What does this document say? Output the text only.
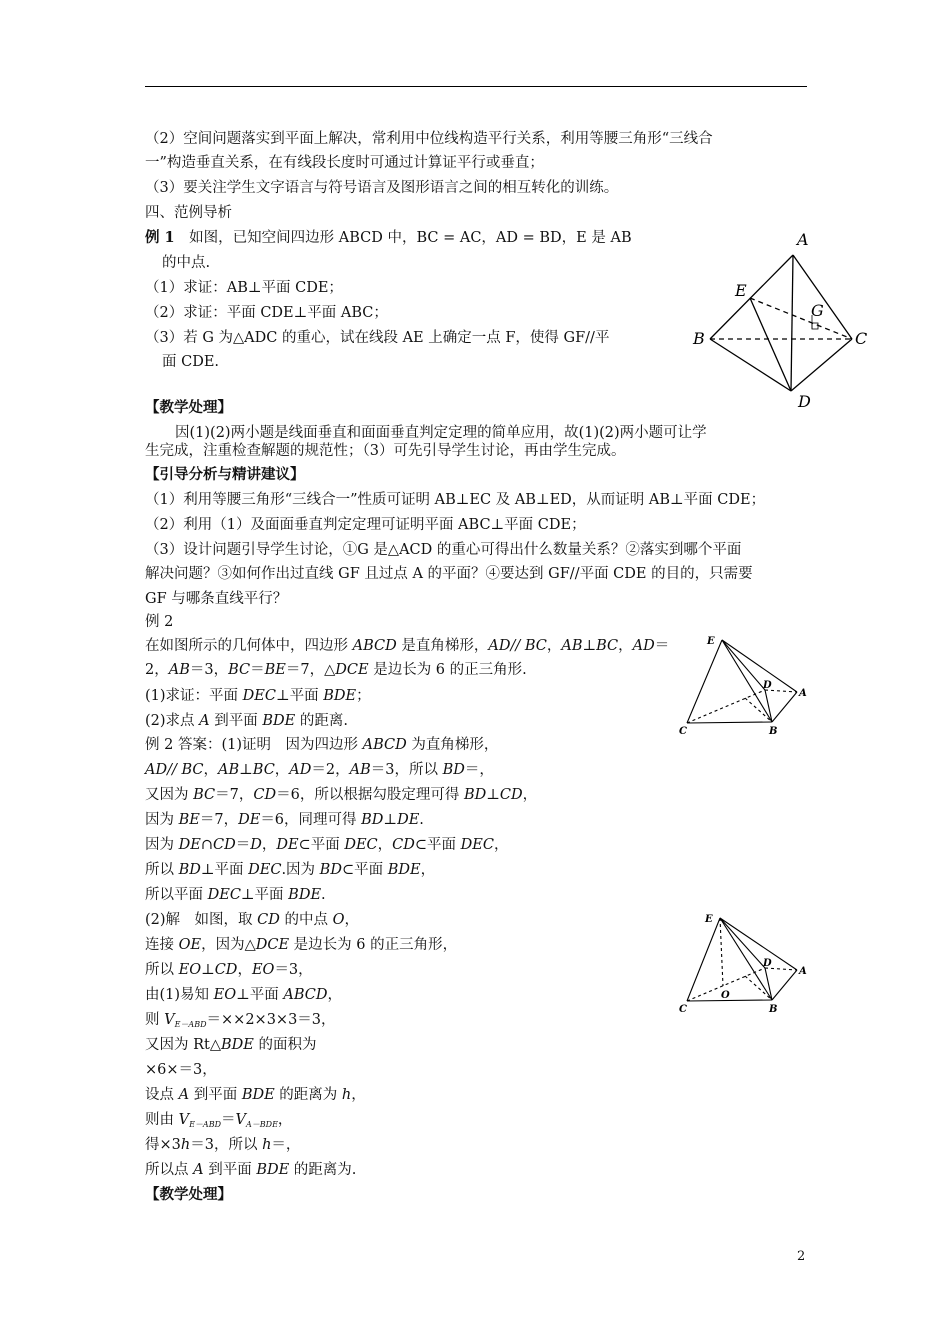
（2）空间问题落实到平面上解决，常利用中位线构造平行关系，利用等腰三角形“三线合
一”构造垂直关系，在有线段长度时可通过计算证平行或垂直；
（3）要关注学生文字语言与符号语言及图形语言之间的相互转化的训练。
四、范例导析
例 1　如图，已知空间四边形 ABCD 中，BC = AC，AD = BD，E 是 AB
的中点.
（1）求证：AB⊥平面 CDE；
（2）求证：平面 CDE⊥平面 ABC；
（3）若 G 为△ADC 的重心，试在线段 AE 上确定一点 F，使得 GF//平
面 CDE.
A
E
G
B	C
D
【教学处理】
因(1)(2)两小题是线面垂直和面面垂直判定定理的简单应用，故(1)(2)两小题可让学
生完成，注重检查解题的规范性；（3）可先引导学生讨论，再由学生完成。
【引导分析与精讲建议】
（1）利用等腰三角形“三线合一”性质可证明 AB⊥EC 及 AB⊥ED，从而证明 AB⊥平面 CDE；
（2）利用（1）及面面垂直判定定理可证明平面 ABC⊥平面 CDE；
（3）设计问题引导学生讨论，①G 是△ACD 的重心可得出什么数量关系？②落实到哪个平面
解决问题？③如何作出过直线 GF 且过点 A 的平面？④要达到 GF//平面 CDE 的目的，只需要
GF 与哪条直线平行？
例 2
在如图所示的几何体中，四边形 ABCD 是直角梯形，AD// BC，AB⊥BC，AD＝
2，AB＝3，BC＝BE＝7，△DCE 是边长为 6 的正三角形.
(1)求证：平面 DEC⊥平面 BDE；
(2)求点 A 到平面 BDE 的距离.
E
D
A
C	B
例 2 答案：(1)证明　因为四边形 ABCD 为直角梯形，
AD// BC，AB⊥BC，AD＝2，AB＝3，所以 BD＝，
又因为 BC＝7，CD＝6，所以根据勾股定理可得 BD⊥CD，
因为 BE＝7，DE＝6，同理可得 BD⊥DE.
因为 DE∩CD＝D，DE⊂平面 DEC，CD⊂平面 DEC，
所以 BD⊥平面 DEC.因为 BD⊂平面 BDE，
所以平面 DEC⊥平面 BDE.
(2)解　如图，取 CD 的中点 O，
连接 OE，因为△DCE 是边长为 6 的正三角形，
所以 EO⊥CD，EO＝3，
由(1)易知 EO⊥平面 ABCD，
则 $V_{E-ABD}=\times\times 2\times 3\times 3=3$，
又因为 Rt△BDE 的面积为
×6×＝3，
设点 A 到平面 BDE 的距离为 h，
则由 $V_{E-ABD}=V_{A-BDE}$，
得×3h＝3，所以 h＝，
所以点 A 到平面 BDE 的距离为.
【教学处理】
E
D
A
O
C	B
2
